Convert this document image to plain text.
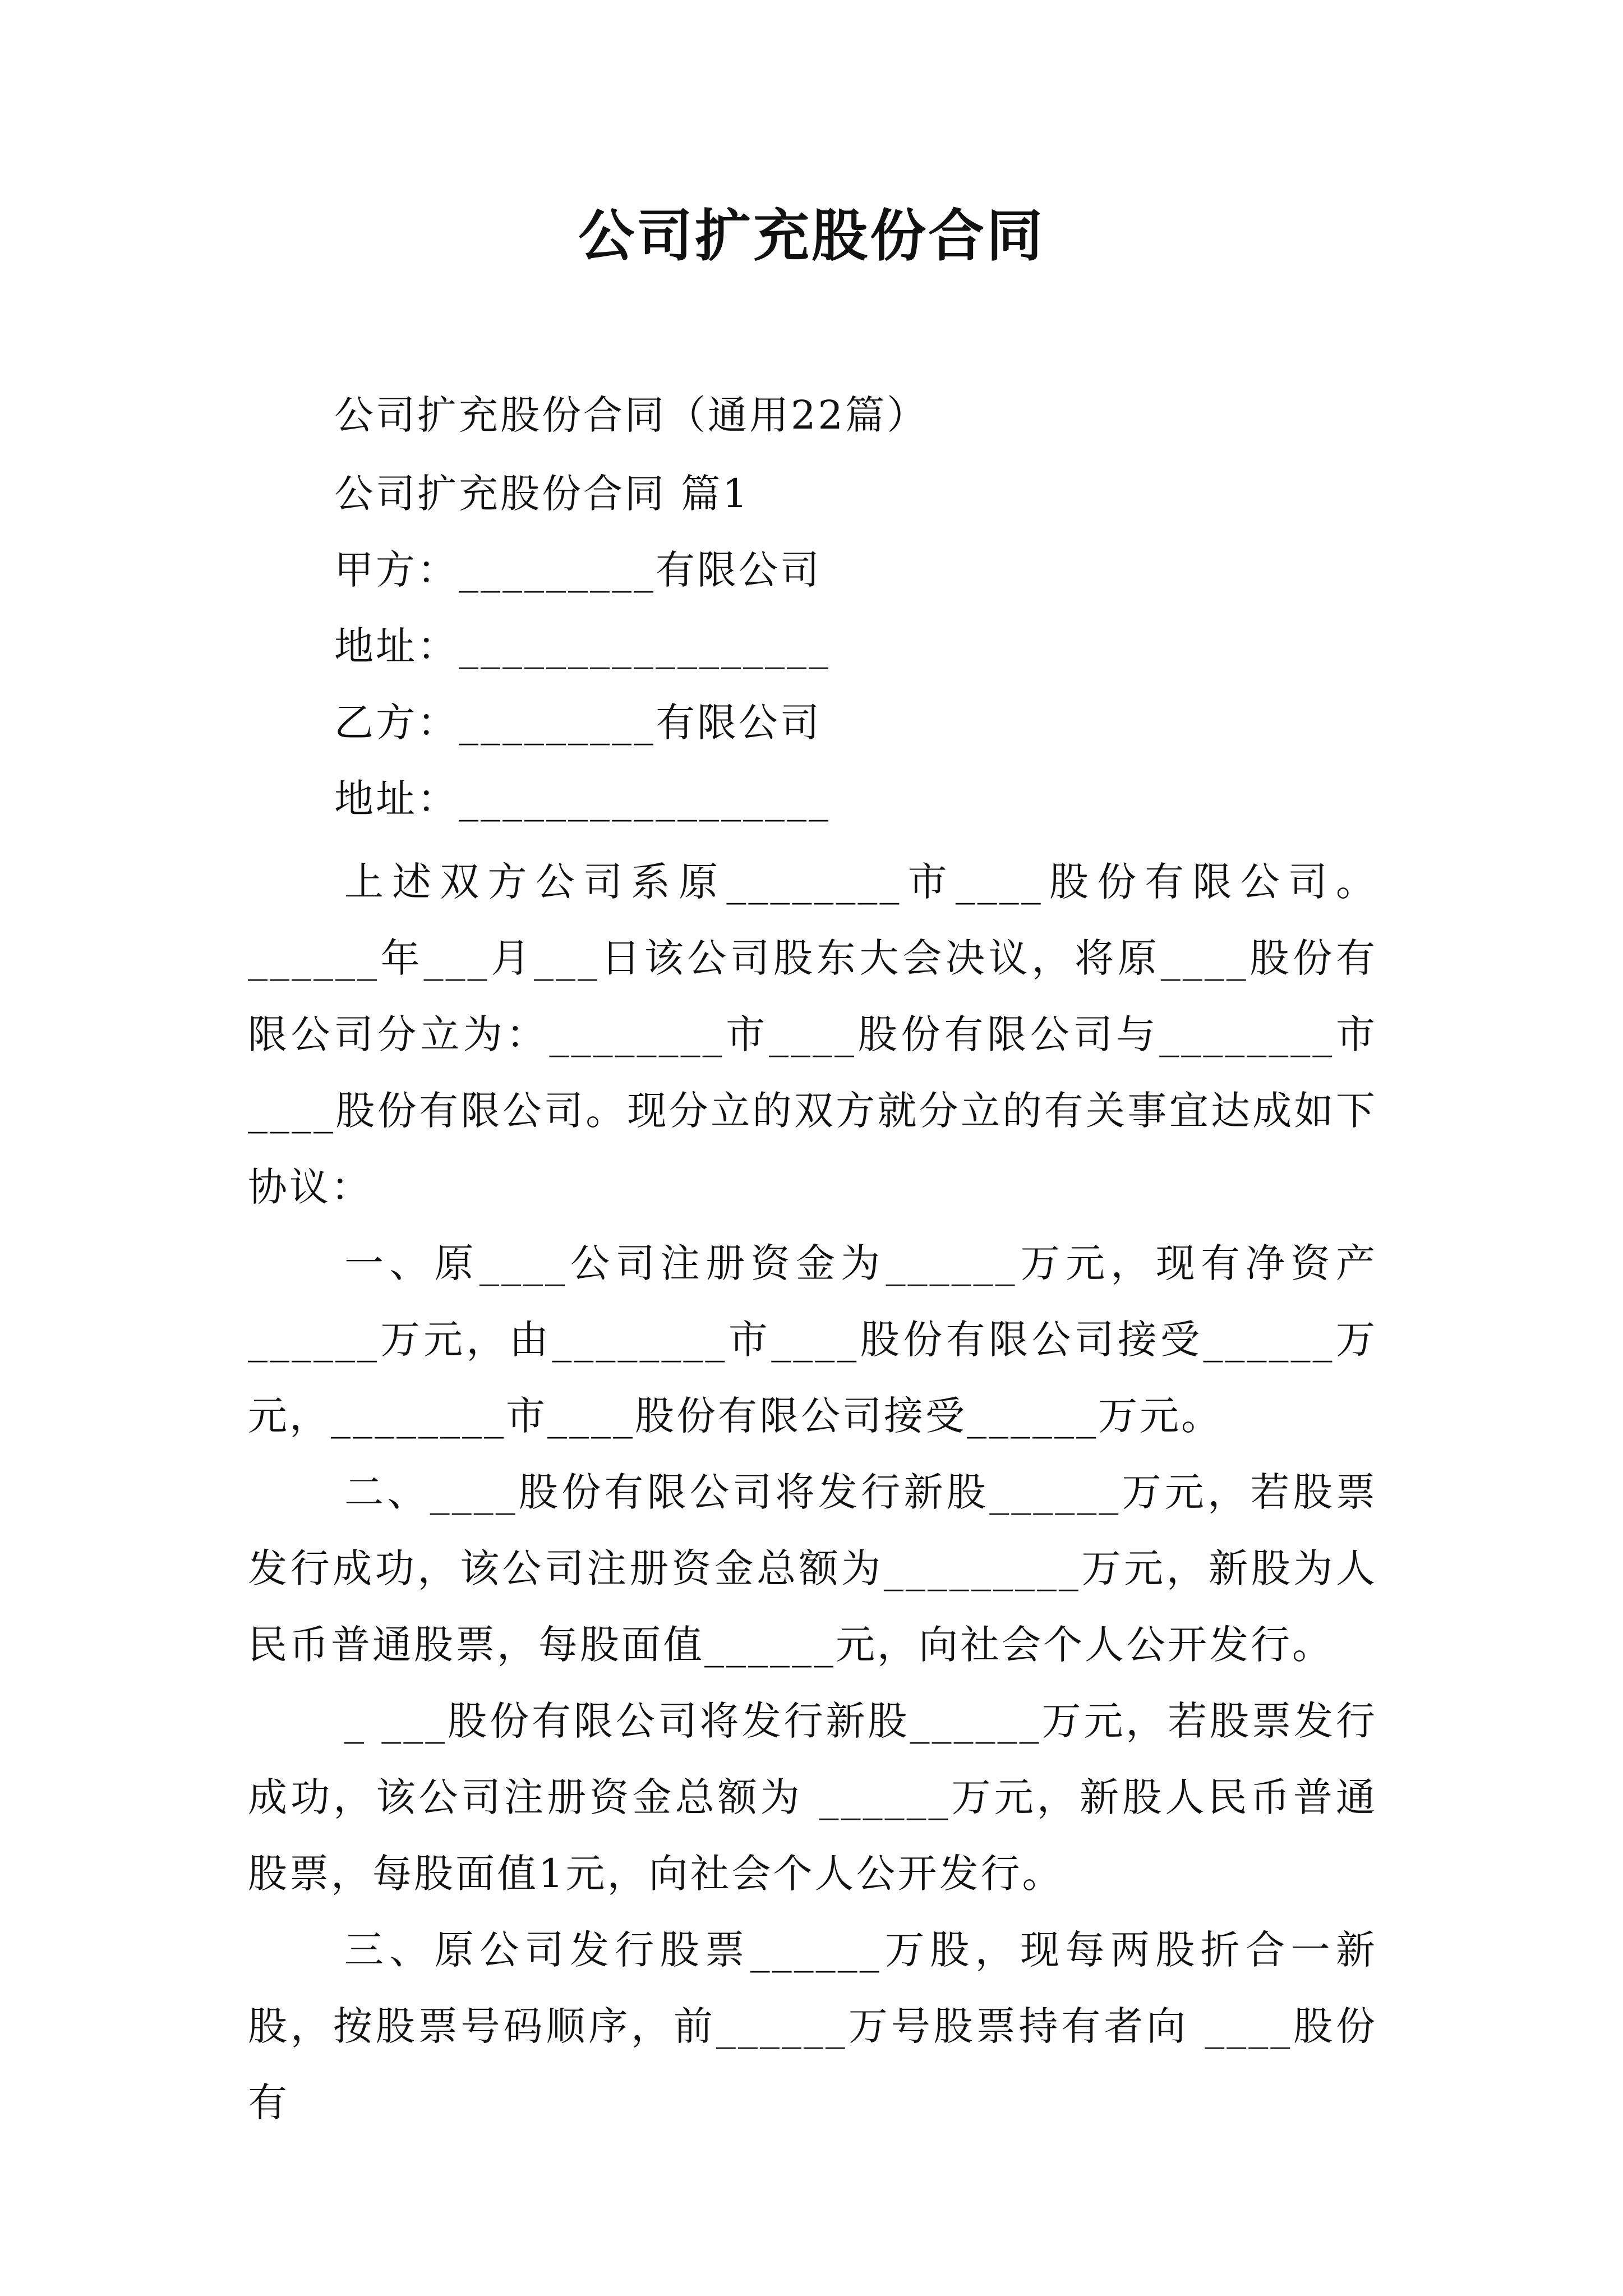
公司扩充股份合同
公司扩充股份合同（通用22篇）
公司扩充股份合同 篇1
甲方：_________有限公司
地址：_________________
乙方：_________有限公司
地址：_________________
上述双方公司系原________市____股份有限公司。______年___月___日该公司股东大会决议，将原____股份有限公司分立为：________市____股份有限公司与________市____股份有限公司。现分立的双方就分立的有关事宜达成如下协议：
一、原____公司注册资金为______万元，现有净资产______万元，由________市____股份有限公司接受______万元，________市____股份有限公司接受______万元。
二、____股份有限公司将发行新股______万元，若股票发行成功，该公司注册资金总额为_________万元，新股为人民币普通股票，每股面值______元，向社会个人公开发行。
_ ___股份有限公司将发行新股______万元，若股票发行成功，该公司注册资金总额为 ______万元，新股人民币普通股票，每股面值1元，向社会个人公开发行。
三、原公司发行股票______万股，现每两股折合一新股，按股票号码顺序，前______万号股票持有者向 ____股份有
